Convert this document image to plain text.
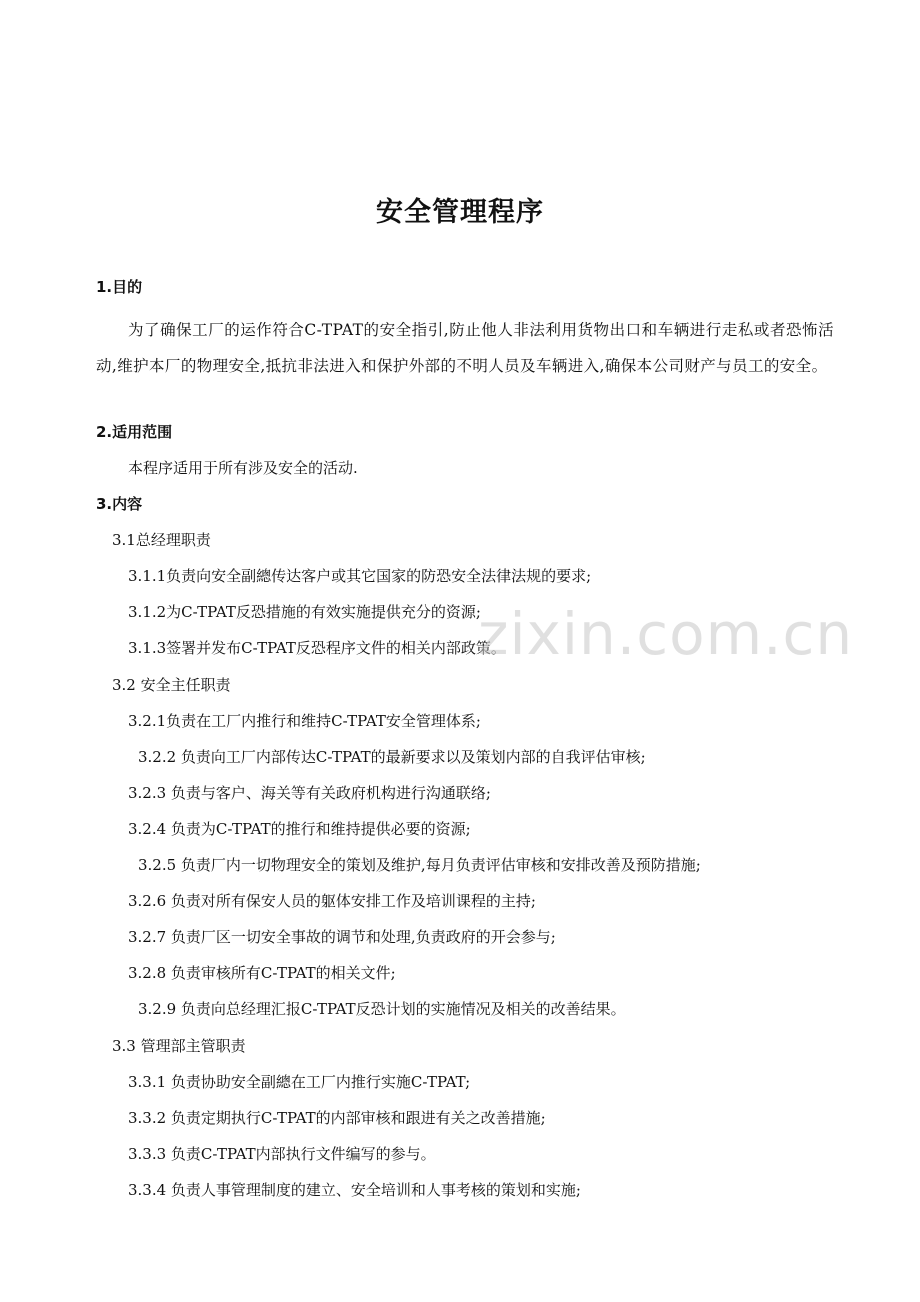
安全管理程序
1.目的
为了确保工厂的运作符合C-TPAT的安全指引,防止他人非法利用货物出口和车辆进行走私或者恐怖活动,维护本厂的物理安全,抵抗非法进入和保护外部的不明人员及车辆进入,确保本公司财产与员工的安全。
2.适用范围
本程序适用于所有涉及安全的活动.
3.内容
3.1总经理职责
3.1.1负责向安全副總传达客户或其它国家的防恐安全法律法规的要求;
3.1.2为C-TPAT反恐措施的有效实施提供充分的资源;
3.1.3签署并发布C-TPAT反恐程序文件的相关内部政策。
3.2 安全主任职责
3.2.1负责在工厂内推行和维持C-TPAT安全管理体系;
3.2.2 负责向工厂内部传达C-TPAT的最新要求以及策划内部的自我评估审核;
3.2.3 负责与客户、海关等有关政府机构进行沟通联络;
3.2.4 负责为C-TPAT的推行和维持提供必要的资源;
3.2.5 负责厂内一切物理安全的策划及维护,每月负责评估审核和安排改善及预防措施;
3.2.6 负责对所有保安人员的躯体安排工作及培训课程的主持;
3.2.7 负责厂区一切安全事故的调节和处理,负责政府的开会参与;
3.2.8 负责审核所有C-TPAT的相关文件;
3.2.9 负责向总经理汇报C-TPAT反恐计划的实施情况及相关的改善结果。
3.3 管理部主管职责
3.3.1 负责协助安全副總在工厂内推行实施C-TPAT;
3.3.2 负责定期执行C-TPAT的内部审核和跟进有关之改善措施;
3.3.3 负责C-TPAT内部执行文件编写的参与。
3.3.4 负责人事管理制度的建立、安全培训和人事考核的策划和实施;
zixin.com.cn
